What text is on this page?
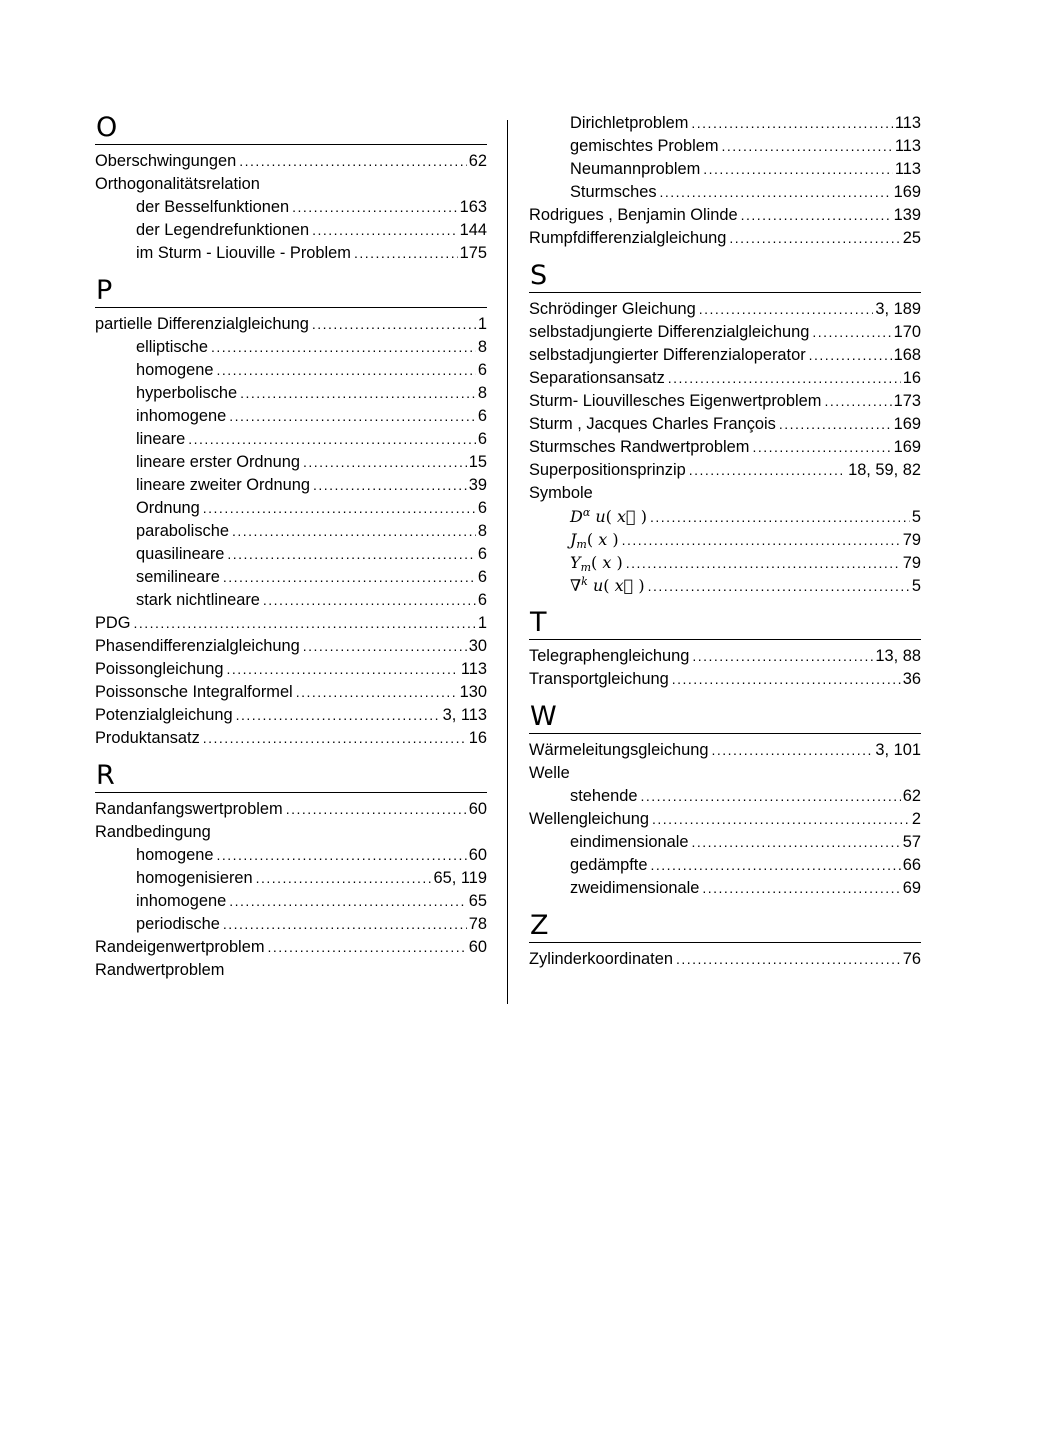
O
Oberschwingungen . . .	62
Orthogonalitätsrelation
der Besselfunktionen . . .	163
der Legendrefunktionen . . .	144
im Sturm - Liouville - Problem . . .	175
P
partielle Differenzialgleichung . . .	1
elliptische . . .	8
homogene . . .	6
hyperbolische . . .	8
inhomogene . . .	6
lineare . . .	6
lineare erster Ordnung . . .	15
lineare zweiter Ordnung . . .	39
Ordnung . . .	6
parabolische . . .	8
quasilineare . . .	6
semilineare . . .	6
stark nichtlineare . . .	6
PDG . . .	1
Phasendifferenzialgleichung . . .	30
Poissongleichung . . .	113
Poissonsche Integralformel . . .	130
Potenzialgleichung . . .	3, 113
Produktansatz . . .	16
R
Randanfangswertproblem . . .	60
Randbedingung
homogene . . .	60
homogenisieren . . .	65, 119
inhomogene . . .	65
periodische . . .	78
Randeigenwertproblem . . .	60
Randwertproblem
Dirichletproblem . . .	113
gemischtes Problem . . .	113
Neumannproblem . . .	113
Sturmsches . . .	169
Rodrigues , Benjamin Olinde . . .	139
Rumpfdifferenzialgleichung . . .	25
S
Schrödinger Gleichung . . .	3, 189
selbstadjungierte Differenzialgleichung . . .	170
selbstadjungierter Differenzialoperator . . .	168
Separationsansatz . . .	16
Sturm- Liouvillesches Eigenwertproblem . . .	173
Sturm , Jacques Charles François . . .	169
Sturmsches Randwertproblem . . .	169
Superpositionsprinzip . . .	18, 59, 82
Symbole
$D^\alpha$ u( x ) . . .	5
$J_m$( x ) . . .	79
$Y_m$( x ) . . .	79
∇$^k$ u( x ) . . .	5
T
Telegraphengleichung . . .	13, 88
Transportgleichung . . .	36
W
Wärmeleitungsgleichung . . .	3, 101
Welle
stehende . . .	62
Wellengleichung . . .	2
eindimensionale . . .	57
gedämpfte . . .	66
zweidimensionale . . .	69
Z
Zylinderkoordinaten . . .	76
